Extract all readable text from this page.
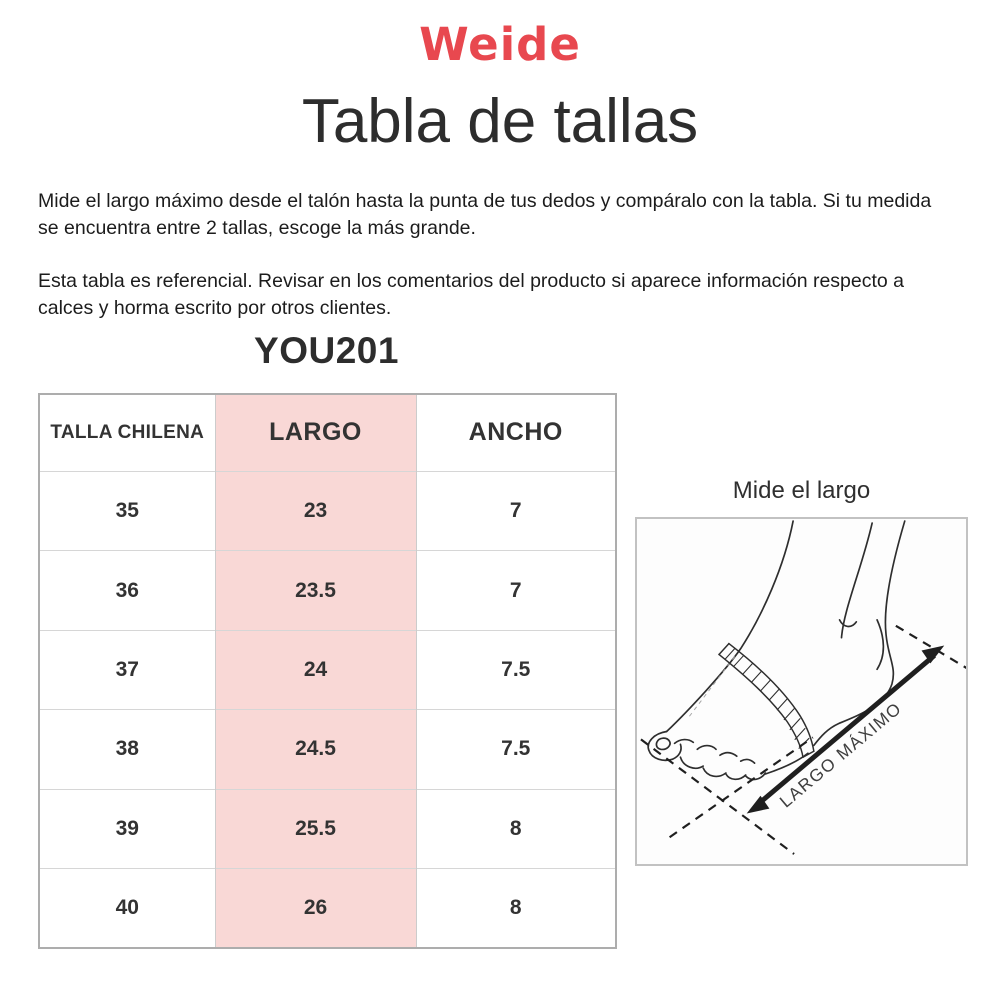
Weide
Tabla de tallas

Mide el largo máximo desde el talón hasta la punta de tus dedos y compáralo con la tabla. Si tu medida se encuentra entre 2 tallas, escoge la más grande.

Esta tabla es referencial. Revisar en los comentarios del producto si aparece información respecto a calces y horma escrito por otros clientes.

YOU201
TALLA CHILENA	LARGO	ANCHO
35	23	7
36	23.5	7
37	24	7.5
38	24.5	7.5
39	25.5	8
40	26	8
Mide el largo
LARGO MÁXIMO
